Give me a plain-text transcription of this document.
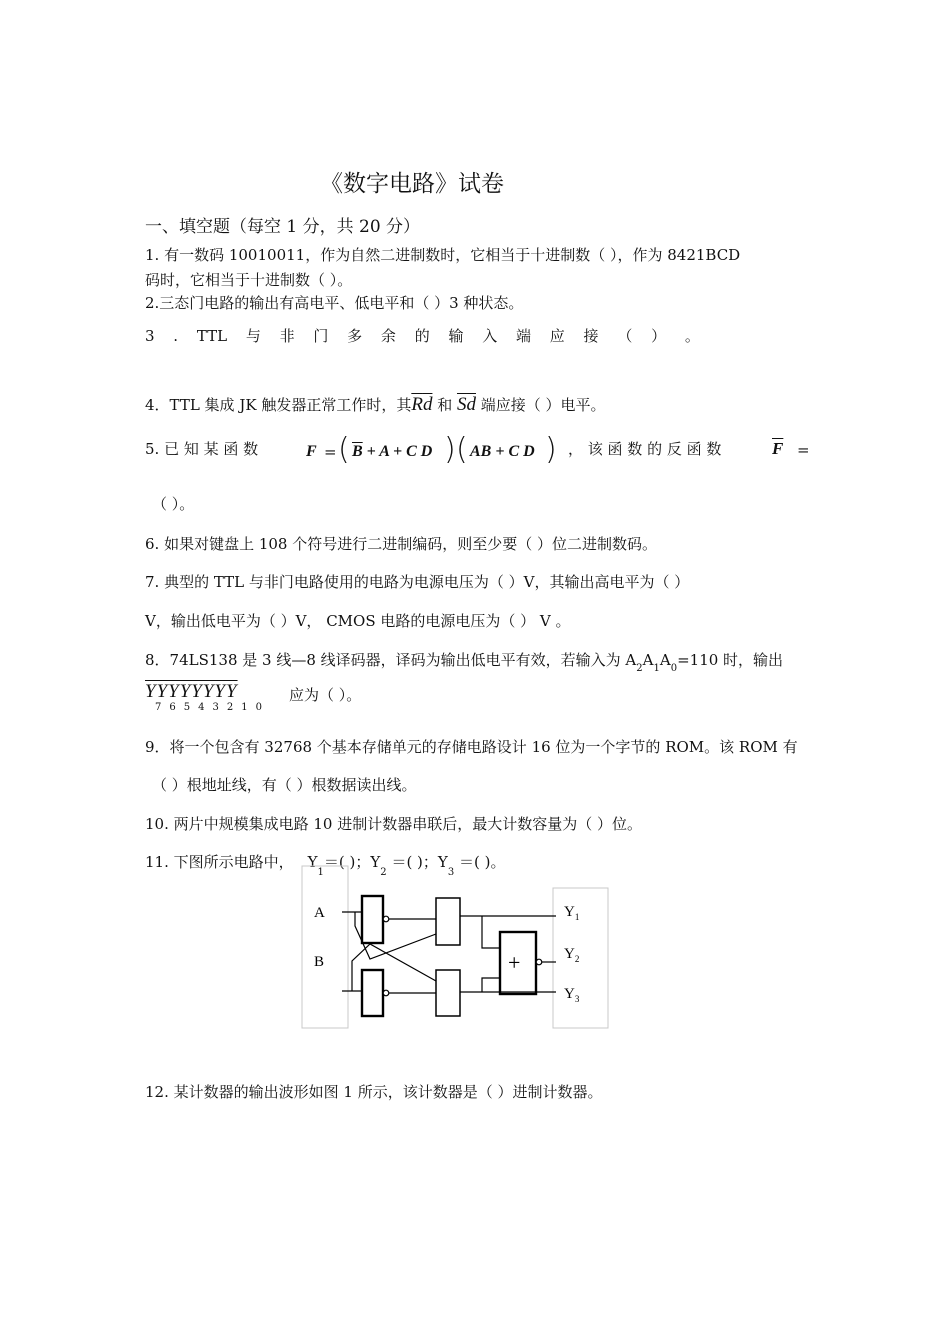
《数字电路》试卷
一、填空题（每空 1 分，共 20 分）
1. 有一数码 10010011，作为自然二进制数时，它相当于十进制数（ ），作为 8421BCD
码时，它相当于十进制数（ ）。
2.三态门电路的输出有高电平、低电平和（ ）3 种状态。
3 . TTL 与 非 门 多 余 的 输 入 端 应 接 （ ） 。
4．TTL 集成 JK 触发器正常工作时，其Rd 和 Sd 端应接（ ）电平。
5. 已 知 某 函 数	F = ( $\overline{B} + A + C$ D ) ( AB + C D ) ， 该 函 数 的 反 函 数	$\overline{F}$ =
（ ）。
6. 如果对键盘上 108 个符号进行二进制编码，则至少要（ ）位二进制数码。
7. 典型的 TTL 与非门电路使用的电路为电源电压为（ ）V，其输出高电平为（ ）
V，输出低电平为（ ）V， CMOS 电路的电源电压为（ ） V 。
8．74LS138 是 3 线—8 线译码器，译码为输出低电平有效，若输入为 $A_2A_1A_0=110$ 时，输出
YYYYYYYY
76543210
应为（ ）。
9．将一个包含有 32768 个基本存储单元的存储电路设计 16 位为一个字节的 ROM。该 ROM 有
（ ）根地址线，有（ ）根数据读出线。
10. 两片中规模集成电路 10 进制计数器串联后，最大计数容量为（ ）位。
11. 下图所示电路中， $Y_1=$( )；$Y_2$ ＝( )；$Y_3$ ＝( )。
A
B	+
$Y_1$
$Y_2$
$Y_3$
12. 某计数器的输出波形如图 1 所示，该计数器是（ ）进制计数器。
